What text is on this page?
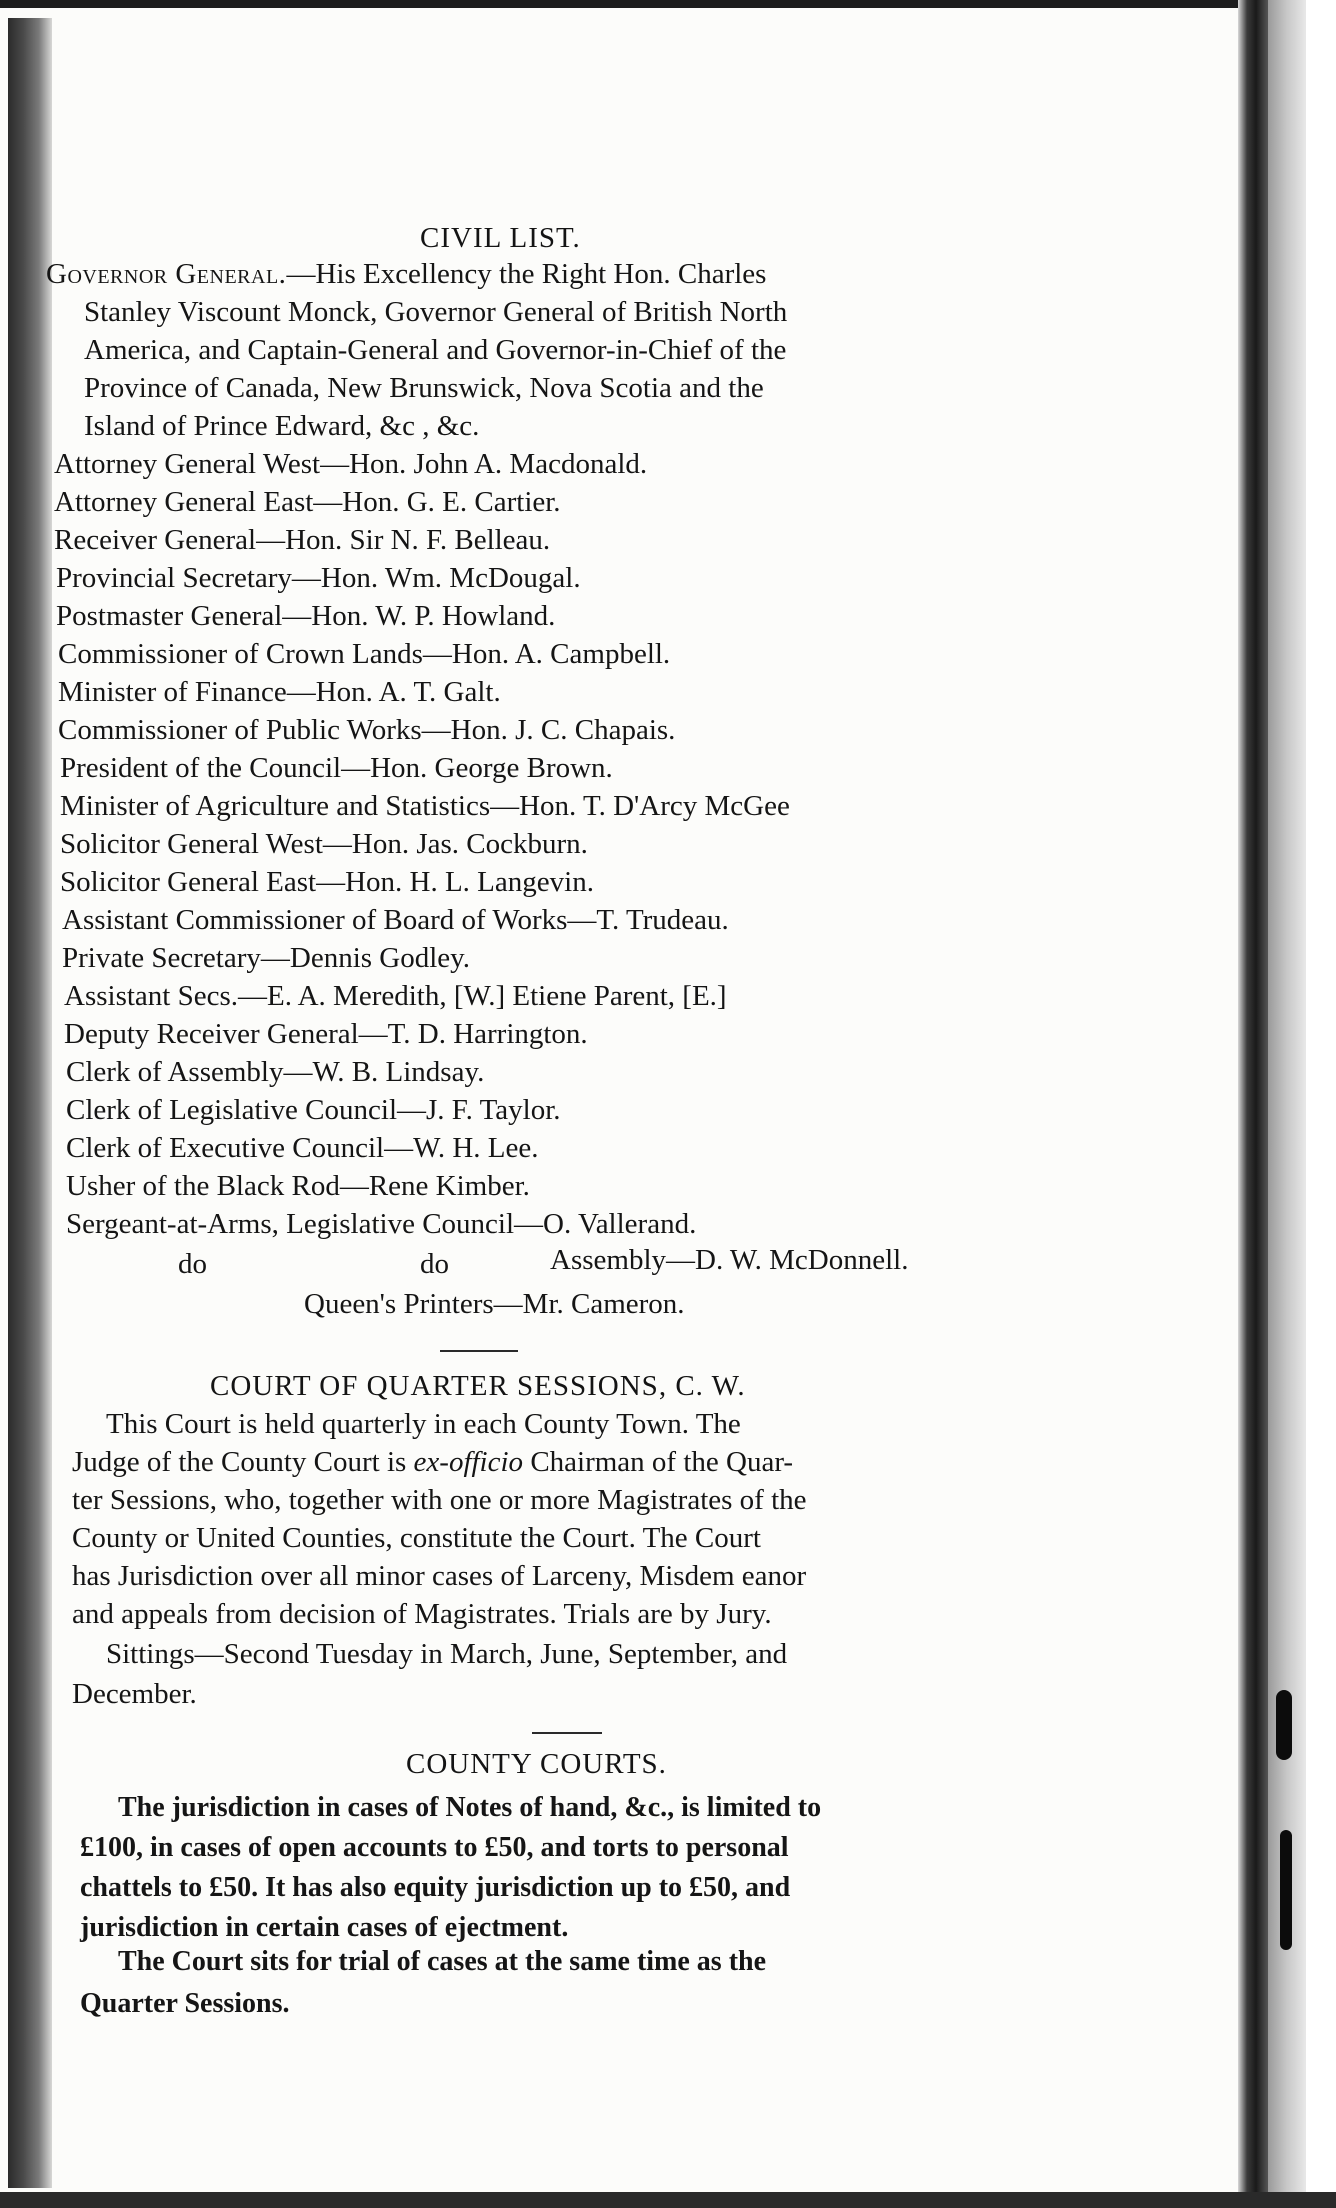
CIVIL LIST.
Governor General.—His Excellency the Right Hon. Charles
Stanley Viscount Monck, Governor General of British North
America, and Captain-General and Governor-in-Chief of the
Province of Canada, New Brunswick, Nova Scotia and the
Island of Prince Edward, &c , &c.
Attorney General West—Hon. John A. Macdonald.
Attorney General East—Hon. G. E. Cartier.
Receiver General—Hon. Sir N. F. Belleau.
Provincial Secretary—Hon. Wm. McDougal.
Postmaster General—Hon. W. P. Howland.
Commissioner of Crown Lands—Hon. A. Campbell.
Minister of Finance—Hon. A. T. Galt.
Commissioner of Public Works—Hon. J. C. Chapais.
President of the Council—Hon. George Brown.
Minister of Agriculture and Statistics—Hon. T. D'Arcy McGee
Solicitor General West—Hon. Jas. Cockburn.
Solicitor General East—Hon. H. L. Langevin.
Assistant Commissioner of Board of Works—T. Trudeau.
Private Secretary—Dennis Godley.
Assistant Secs.—E. A. Meredith, [W.] Etiene Parent, [E.]
Deputy Receiver General—T. D. Harrington.
Clerk of Assembly—W. B. Lindsay.
Clerk of Legislative Council—J. F. Taylor.
Clerk of Executive Council—W. H. Lee.
Usher of the Black Rod—Rene Kimber.
Sergeant-at-Arms, Legislative Council—O. Vallerand.
do	do	Assembly—D. W. McDonnell.
Queen's Printers—Mr. Cameron.
COURT OF QUARTER SESSIONS, C. W.
This Court is held quarterly in each County Town. The
Judge of the County Court is ex-officio Chairman of the Quar-
ter Sessions, who, together with one or more Magistrates of the
County or United Counties, constitute the Court. The Court
has Jurisdiction over all minor cases of Larceny, Misdem eanor
and appeals from decision of Magistrates. Trials are by Jury.
Sittings—Second Tuesday in March, June, September, and
December.
COUNTY COURTS.
The jurisdiction in cases of Notes of hand, &c., is limited to
£100, in cases of open accounts to £50, and torts to personal
chattels to £50. It has also equity jurisdiction up to £50, and
jurisdiction in certain cases of ejectment.
The Court sits for trial of cases at the same time as the
Quarter Sessions.
